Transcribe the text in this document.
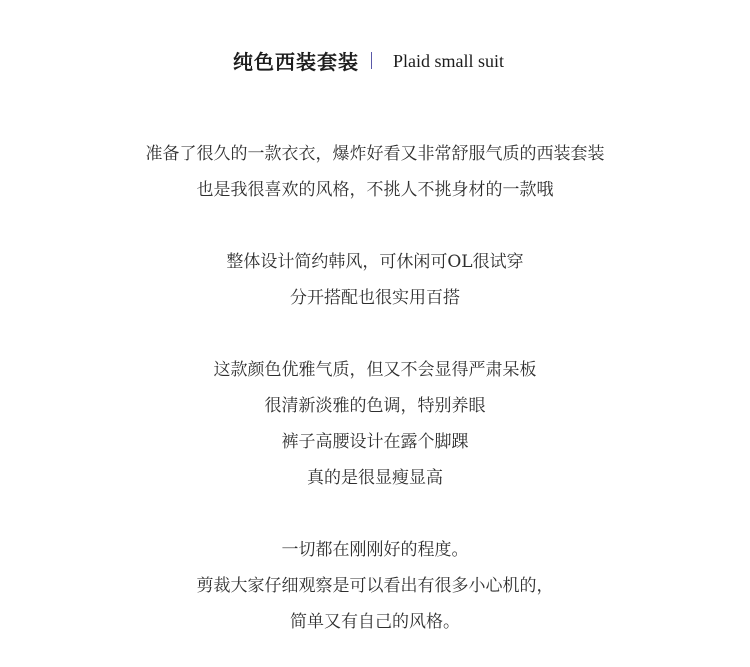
纯色西装套装 Plaid small suit
准备了很久的一款衣衣，爆炸好看又非常舒服气质的西装套装
也是我很喜欢的风格，不挑人不挑身材的一款哦
整体设计简约韩风，可休闲可OL很试穿
分开搭配也很实用百搭
这款颜色优雅气质，但又不会显得严肃呆板
很清新淡雅的色调，特别养眼
裤子高腰设计在露个脚踝
真的是很显瘦显高
一切都在刚刚好的程度。
剪裁大家仔细观察是可以看出有很多小心机的，
简单又有自己的风格。
